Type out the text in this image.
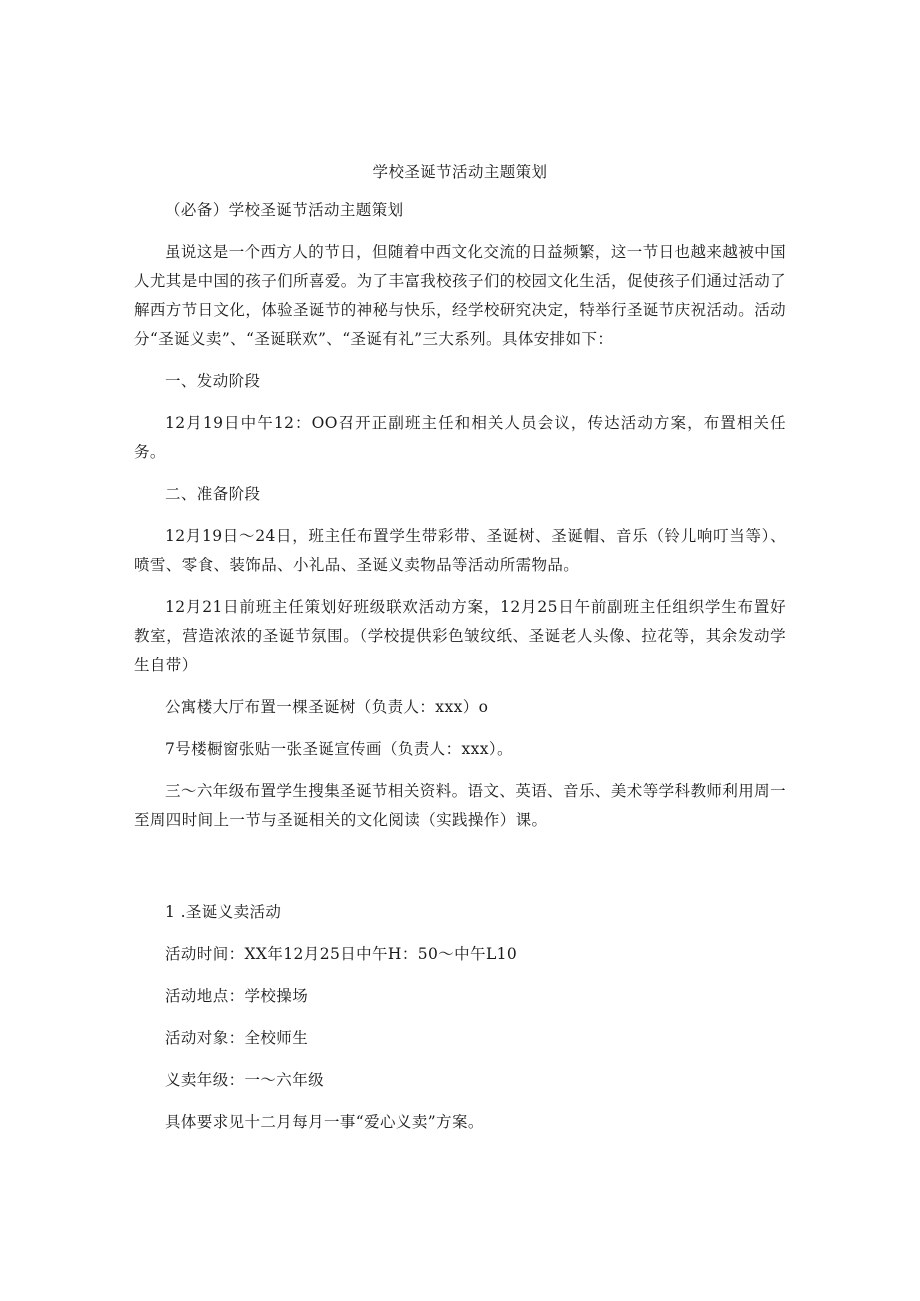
学校圣诞节活动主题策划

（必备）学校圣诞节活动主题策划

虽说这是一个西方人的节日，但随着中西文化交流的日益频繁，这一节日也越来越被中国人尤其是中国的孩子们所喜爱。为了丰富我校孩子们的校园文化生活，促使孩子们通过活动了解西方节日文化，体验圣诞节的神秘与快乐，经学校研究决定，特举行圣诞节庆祝活动。活动分“圣诞义卖”、“圣诞联欢”、“圣诞有礼”三大系列。具体安排如下：

一、发动阶段

12月19日中午12：OO召开正副班主任和相关人员会议，传达活动方案，布置相关任务。

二、准备阶段

12月19日～24日，班主任布置学生带彩带、圣诞树、圣诞帽、音乐（铃儿响叮当等）、喷雪、零食、装饰品、小礼品、圣诞义卖物品等活动所需物品。

12月21日前班主任策划好班级联欢活动方案，12月25日午前副班主任组织学生布置好教室，营造浓浓的圣诞节氛围。（学校提供彩色皱纹纸、圣诞老人头像、拉花等，其余发动学生自带）

公寓楼大厅布置一棵圣诞树（负责人：xxx）o

7号楼橱窗张贴一张圣诞宣传画（负责人：xxx）。

三～六年级布置学生搜集圣诞节相关资料。语文、英语、音乐、美术等学科教师利用周一至周四时间上一节与圣诞相关的文化阅读（实践操作）课。

1 .圣诞义卖活动

活动时间：XX年12月25日中午H：50～中午L10

活动地点：学校操场

活动对象：全校师生

义卖年级：一～六年级

具体要求见十二月每月一事“爱心义卖”方案。
